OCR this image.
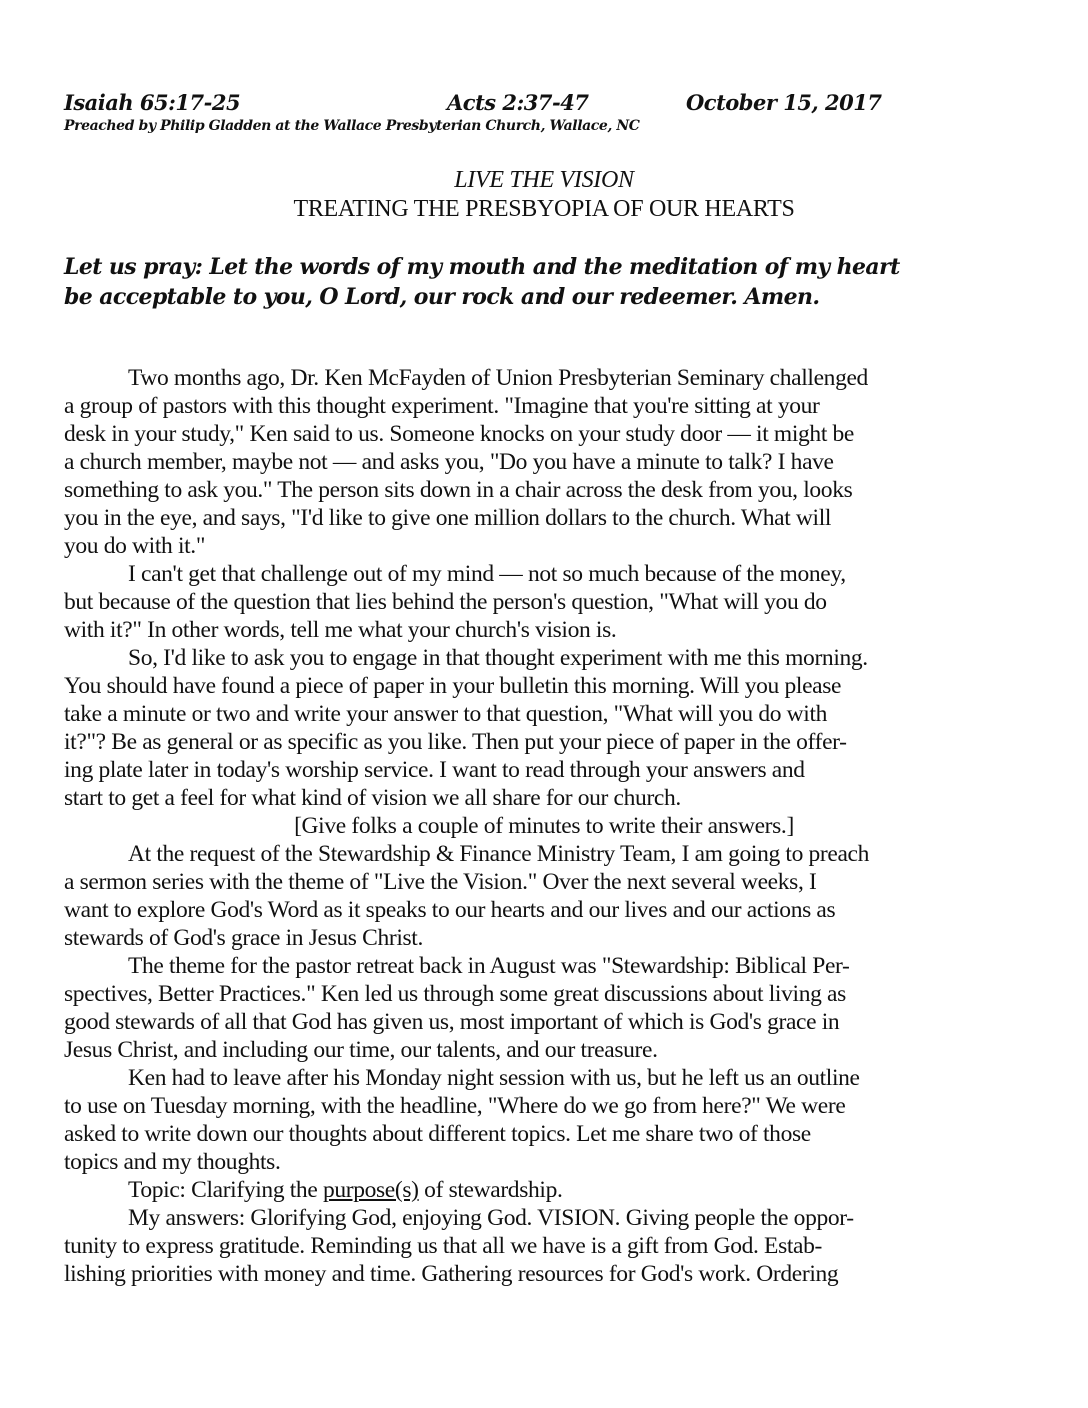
Isaiah 65:17-25	Acts 2:37-47	October 15, 2017
Preached by Philip Gladden at the Wallace Presbyterian Church, Wallace, NC
LIVE THE VISION
TREATING THE PRESBYOPIA OF OUR HEARTS
Let us pray: Let the words of my mouth and the meditation of my heart
be acceptable to you, O Lord, our rock and our redeemer. Amen.
Two months ago, Dr. Ken McFayden of Union Presbyterian Seminary challenged
a group of pastors with this thought experiment. "Imagine that you're sitting at your
desk in your study," Ken said to us. Someone knocks on your study door — it might be
a church member, maybe not — and asks you, "Do you have a minute to talk? I have
something to ask you." The person sits down in a chair across the desk from you, looks
you in the eye, and says, "I'd like to give one million dollars to the church. What will
you do with it."
I can't get that challenge out of my mind — not so much because of the money,
but because of the question that lies behind the person's question, "What will you do
with it?" In other words, tell me what your church's vision is.
So, I'd like to ask you to engage in that thought experiment with me this morning.
You should have found a piece of paper in your bulletin this morning. Will you please
take a minute or two and write your answer to that question, "What will you do with
it?"? Be as general or as specific as you like. Then put your piece of paper in the offer-
ing plate later in today's worship service. I want to read through your answers and
start to get a feel for what kind of vision we all share for our church.
[Give folks a couple of minutes to write their answers.]
At the request of the Stewardship & Finance Ministry Team, I am going to preach
a sermon series with the theme of "Live the Vision." Over the next several weeks, I
want to explore God's Word as it speaks to our hearts and our lives and our actions as
stewards of God's grace in Jesus Christ.
The theme for the pastor retreat back in August was "Stewardship: Biblical Per-
spectives, Better Practices." Ken led us through some great discussions about living as
good stewards of all that God has given us, most important of which is God's grace in
Jesus Christ, and including our time, our talents, and our treasure.
Ken had to leave after his Monday night session with us, but he left us an outline
to use on Tuesday morning, with the headline, "Where do we go from here?" We were
asked to write down our thoughts about different topics. Let me share two of those
topics and my thoughts.
Topic: Clarifying the purpose(s) of stewardship.
My answers: Glorifying God, enjoying God. VISION. Giving people the oppor-
tunity to express gratitude. Reminding us that all we have is a gift from God. Estab-
lishing priorities with money and time. Gathering resources for God's work. Ordering
